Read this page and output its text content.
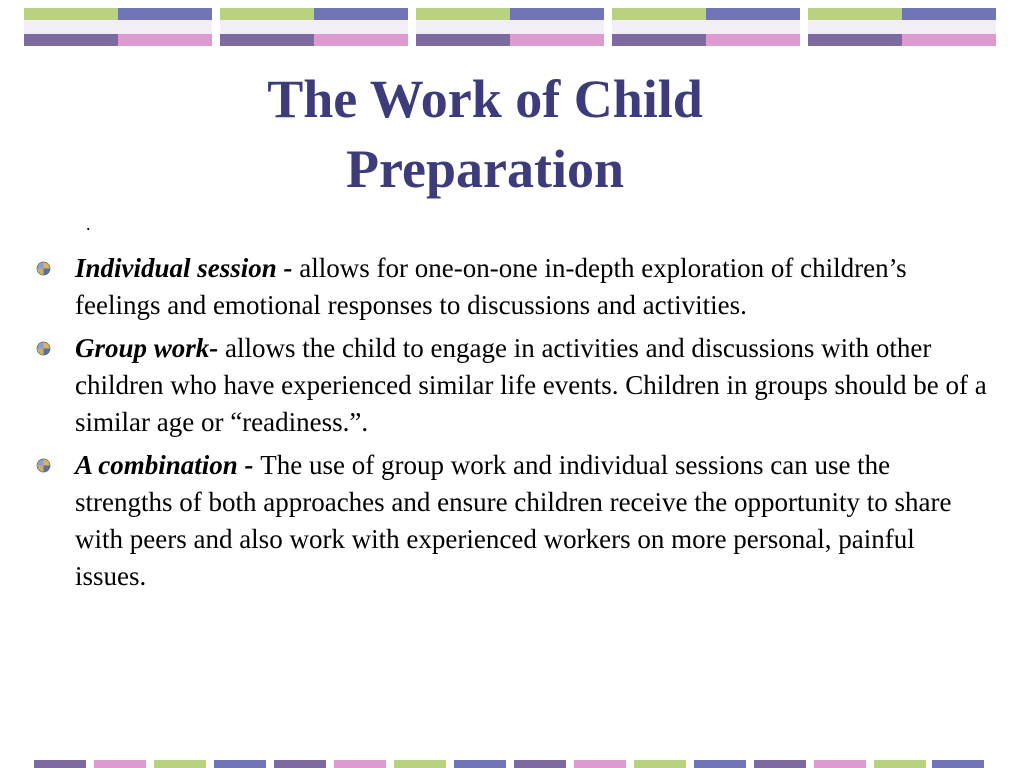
The Work of Child
Preparation
.
Individual session - allows for one-on-one in-depth exploration of children’s feelings and emotional responses to discussions and activities.
Group work- allows the child to engage in activities and discussions with other children who have experienced similar life events. Children in groups should be of a similar age or “readiness.”.
A combination - The use of group work and individual sessions can use the strengths of both approaches and ensure children receive the opportunity to share with peers and also work with experienced workers on more personal, painful issues.
